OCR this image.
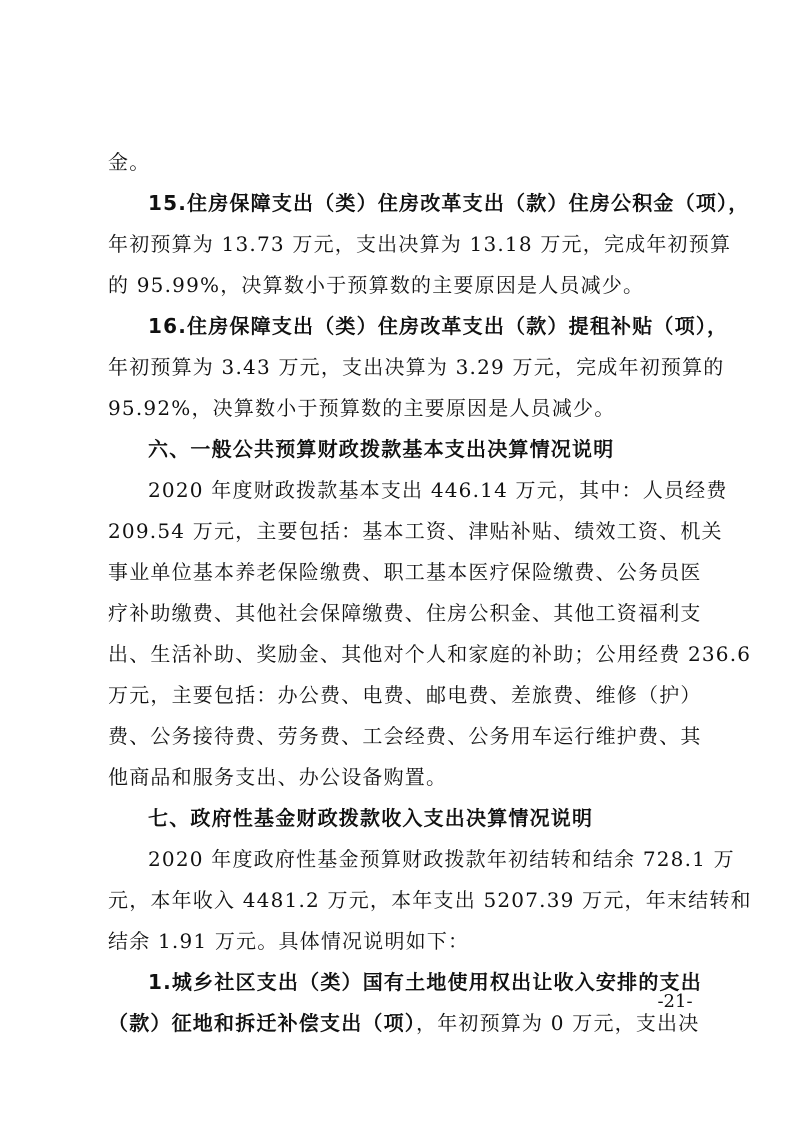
金。
15.住房保障支出（类）住房改革支出（款）住房公积金（项），
年初预算为 13.73 万元，支出决算为 13.18 万元，完成年初预算
的 95.99%，决算数小于预算数的主要原因是人员减少。
16.住房保障支出（类）住房改革支出（款）提租补贴（项），
年初预算为 3.43 万元，支出决算为 3.29 万元，完成年初预算的
95.92%，决算数小于预算数的主要原因是人员减少。
六、一般公共预算财政拨款基本支出决算情况说明
2020 年度财政拨款基本支出 446.14 万元，其中：人员经费
209.54 万元，主要包括：基本工资、津贴补贴、绩效工资、机关
事业单位基本养老保险缴费、职工基本医疗保险缴费、公务员医
疗补助缴费、其他社会保障缴费、住房公积金、其他工资福利支
出、生活补助、奖励金、其他对个人和家庭的补助；公用经费 236.6
万元，主要包括：办公费、电费、邮电费、差旅费、维修（护）
费、公务接待费、劳务费、工会经费、公务用车运行维护费、其
他商品和服务支出、办公设备购置。
七、政府性基金财政拨款收入支出决算情况说明
2020 年度政府性基金预算财政拨款年初结转和结余 728.1 万
元，本年收入 4481.2 万元，本年支出 5207.39 万元，年末结转和
结余 1.91 万元。具体情况说明如下：
1.城乡社区支出（类）国有土地使用权出让收入安排的支出
（款）征地和拆迁补偿支出（项），年初预算为 0 万元，支出决
-21-
